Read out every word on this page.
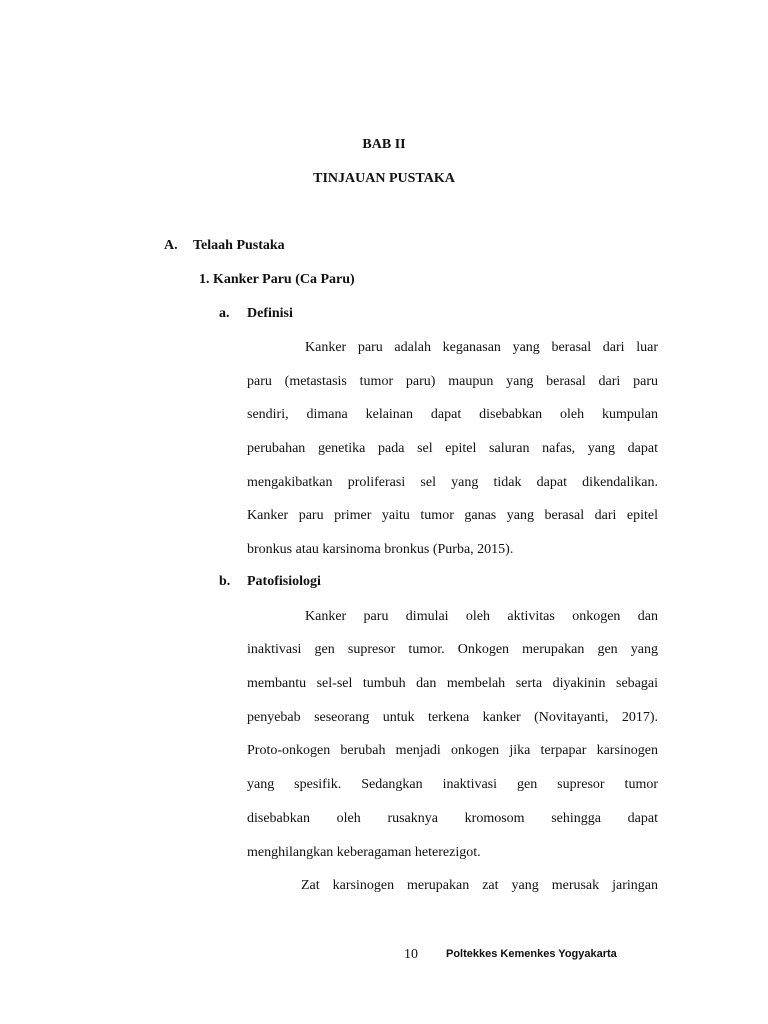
BAB II
TINJAUAN PUSTAKA
A. Telaah Pustaka
1. Kanker Paru (Ca Paru)
a. Definisi
Kanker paru adalah keganasan yang berasal dari luar
paru (metastasis tumor paru) maupun yang berasal dari paru
sendiri, dimana kelainan dapat disebabkan oleh kumpulan
perubahan genetika pada sel epitel saluran nafas, yang dapat
mengakibatkan proliferasi sel yang tidak dapat dikendalikan.
Kanker paru primer yaitu tumor ganas yang berasal dari epitel
bronkus atau karsinoma bronkus (Purba, 2015).
b. Patofisiologi
Kanker paru dimulai oleh aktivitas onkogen dan
inaktivasi gen supresor tumor. Onkogen merupakan gen yang
membantu sel-sel tumbuh dan membelah serta diyakinin sebagai
penyebab seseorang untuk terkena kanker (Novitayanti, 2017).
Proto-onkogen berubah menjadi onkogen jika terpapar karsinogen
yang spesifik. Sedangkan inaktivasi gen supresor tumor
disebabkan oleh rusaknya kromosom sehingga dapat
menghilangkan keberagaman heterezigot.
Zat karsinogen merupakan zat yang merusak jaringan
10	Poltekkes Kemenkes Yogyakarta
